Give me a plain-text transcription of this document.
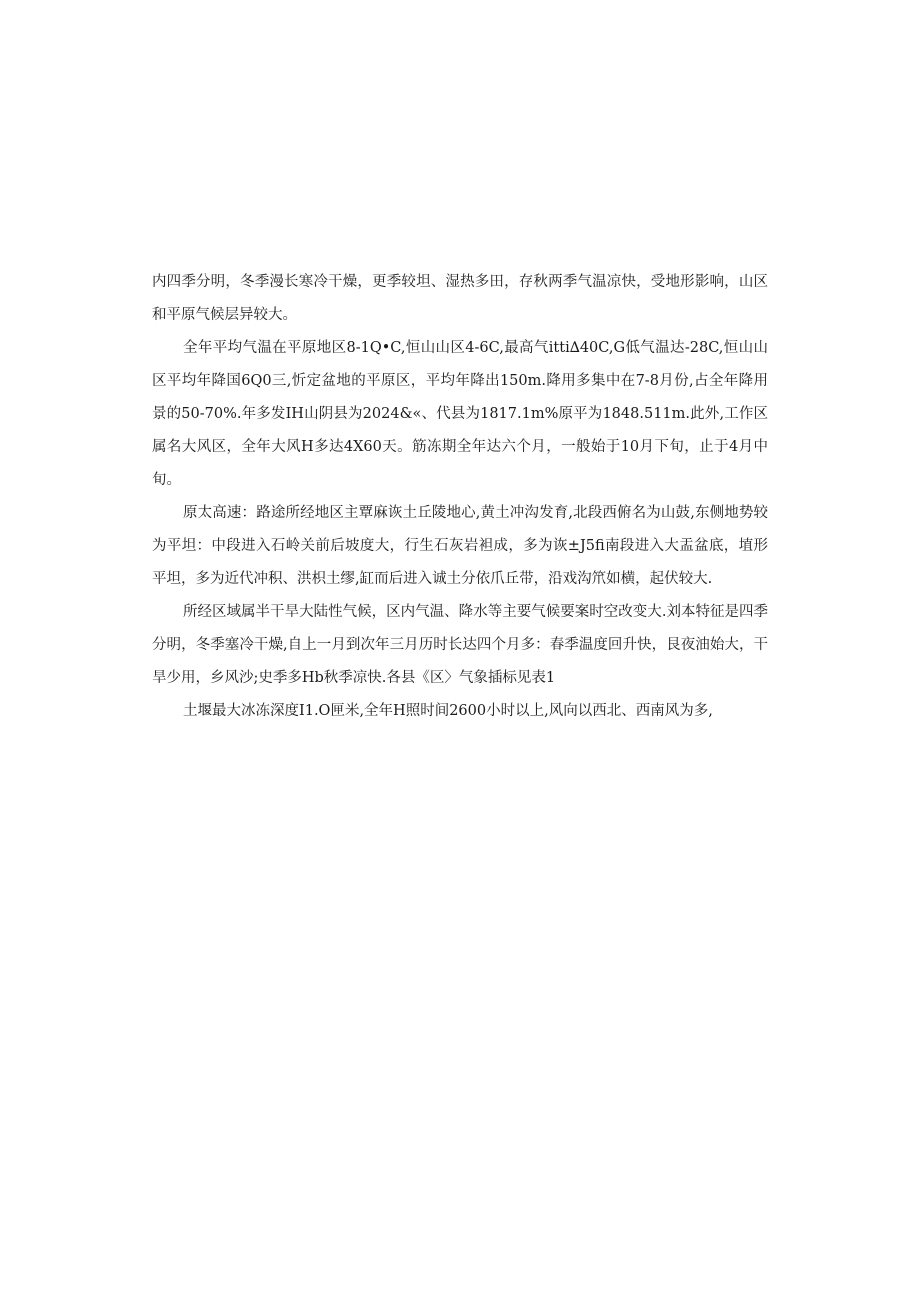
内四季分明，冬季漫长寒冷干燥，更季较坦、湿热多田，存秋两季气温凉快，受地形影响，山区和平原气候层异较大。

全年平均气温在平原地区8-1Q•C,恒山山区4-6C,最高气itti∆40C,G低气温达-28C,恒山山区平均年降国6Q0三,忻定盆地的平原区，平均年降出150m.降用多集中在7-8月份,占全年降用景的50-70%.年多发IH山阴县为2024&«、代县为1817.1m%原平为1848.511m.此外,工作区属名大风区，全年大风H多达4X60天。筋冻期全年达六个月，一般始于10月下旬，止于4月中旬。

原太高速：路途所经地区主覃麻诙土丘陵地心,黄土冲沟发育,北段西俯名为山鼓,东侧地势较为平坦：中段进入石岭关前后坡度大，行生石灰岩袒成，多为诙±J5fi南段进入大盂盆底，埴形平坦，多为近代冲积、洪枳土缪,缸而后进入诚土分依爪丘带，沿戏沟笊如横，起伏较大.

所经区域属半干旱大陆性气候，区内气温、降水等主要气候要案时空改变大.刘本特征是四季分明，冬季塞冷干燥,自上一月到次年三月历时长达四个月多：春季温度回升快，艮夜油始大，干旱少用，乡风沙;史季多Hb秋季凉快.各县《区〉气象插标见表1

土堰最大冰冻深度I1.O匣米,全年H照时间2600小时以上,风向以西北、西南风为多,
